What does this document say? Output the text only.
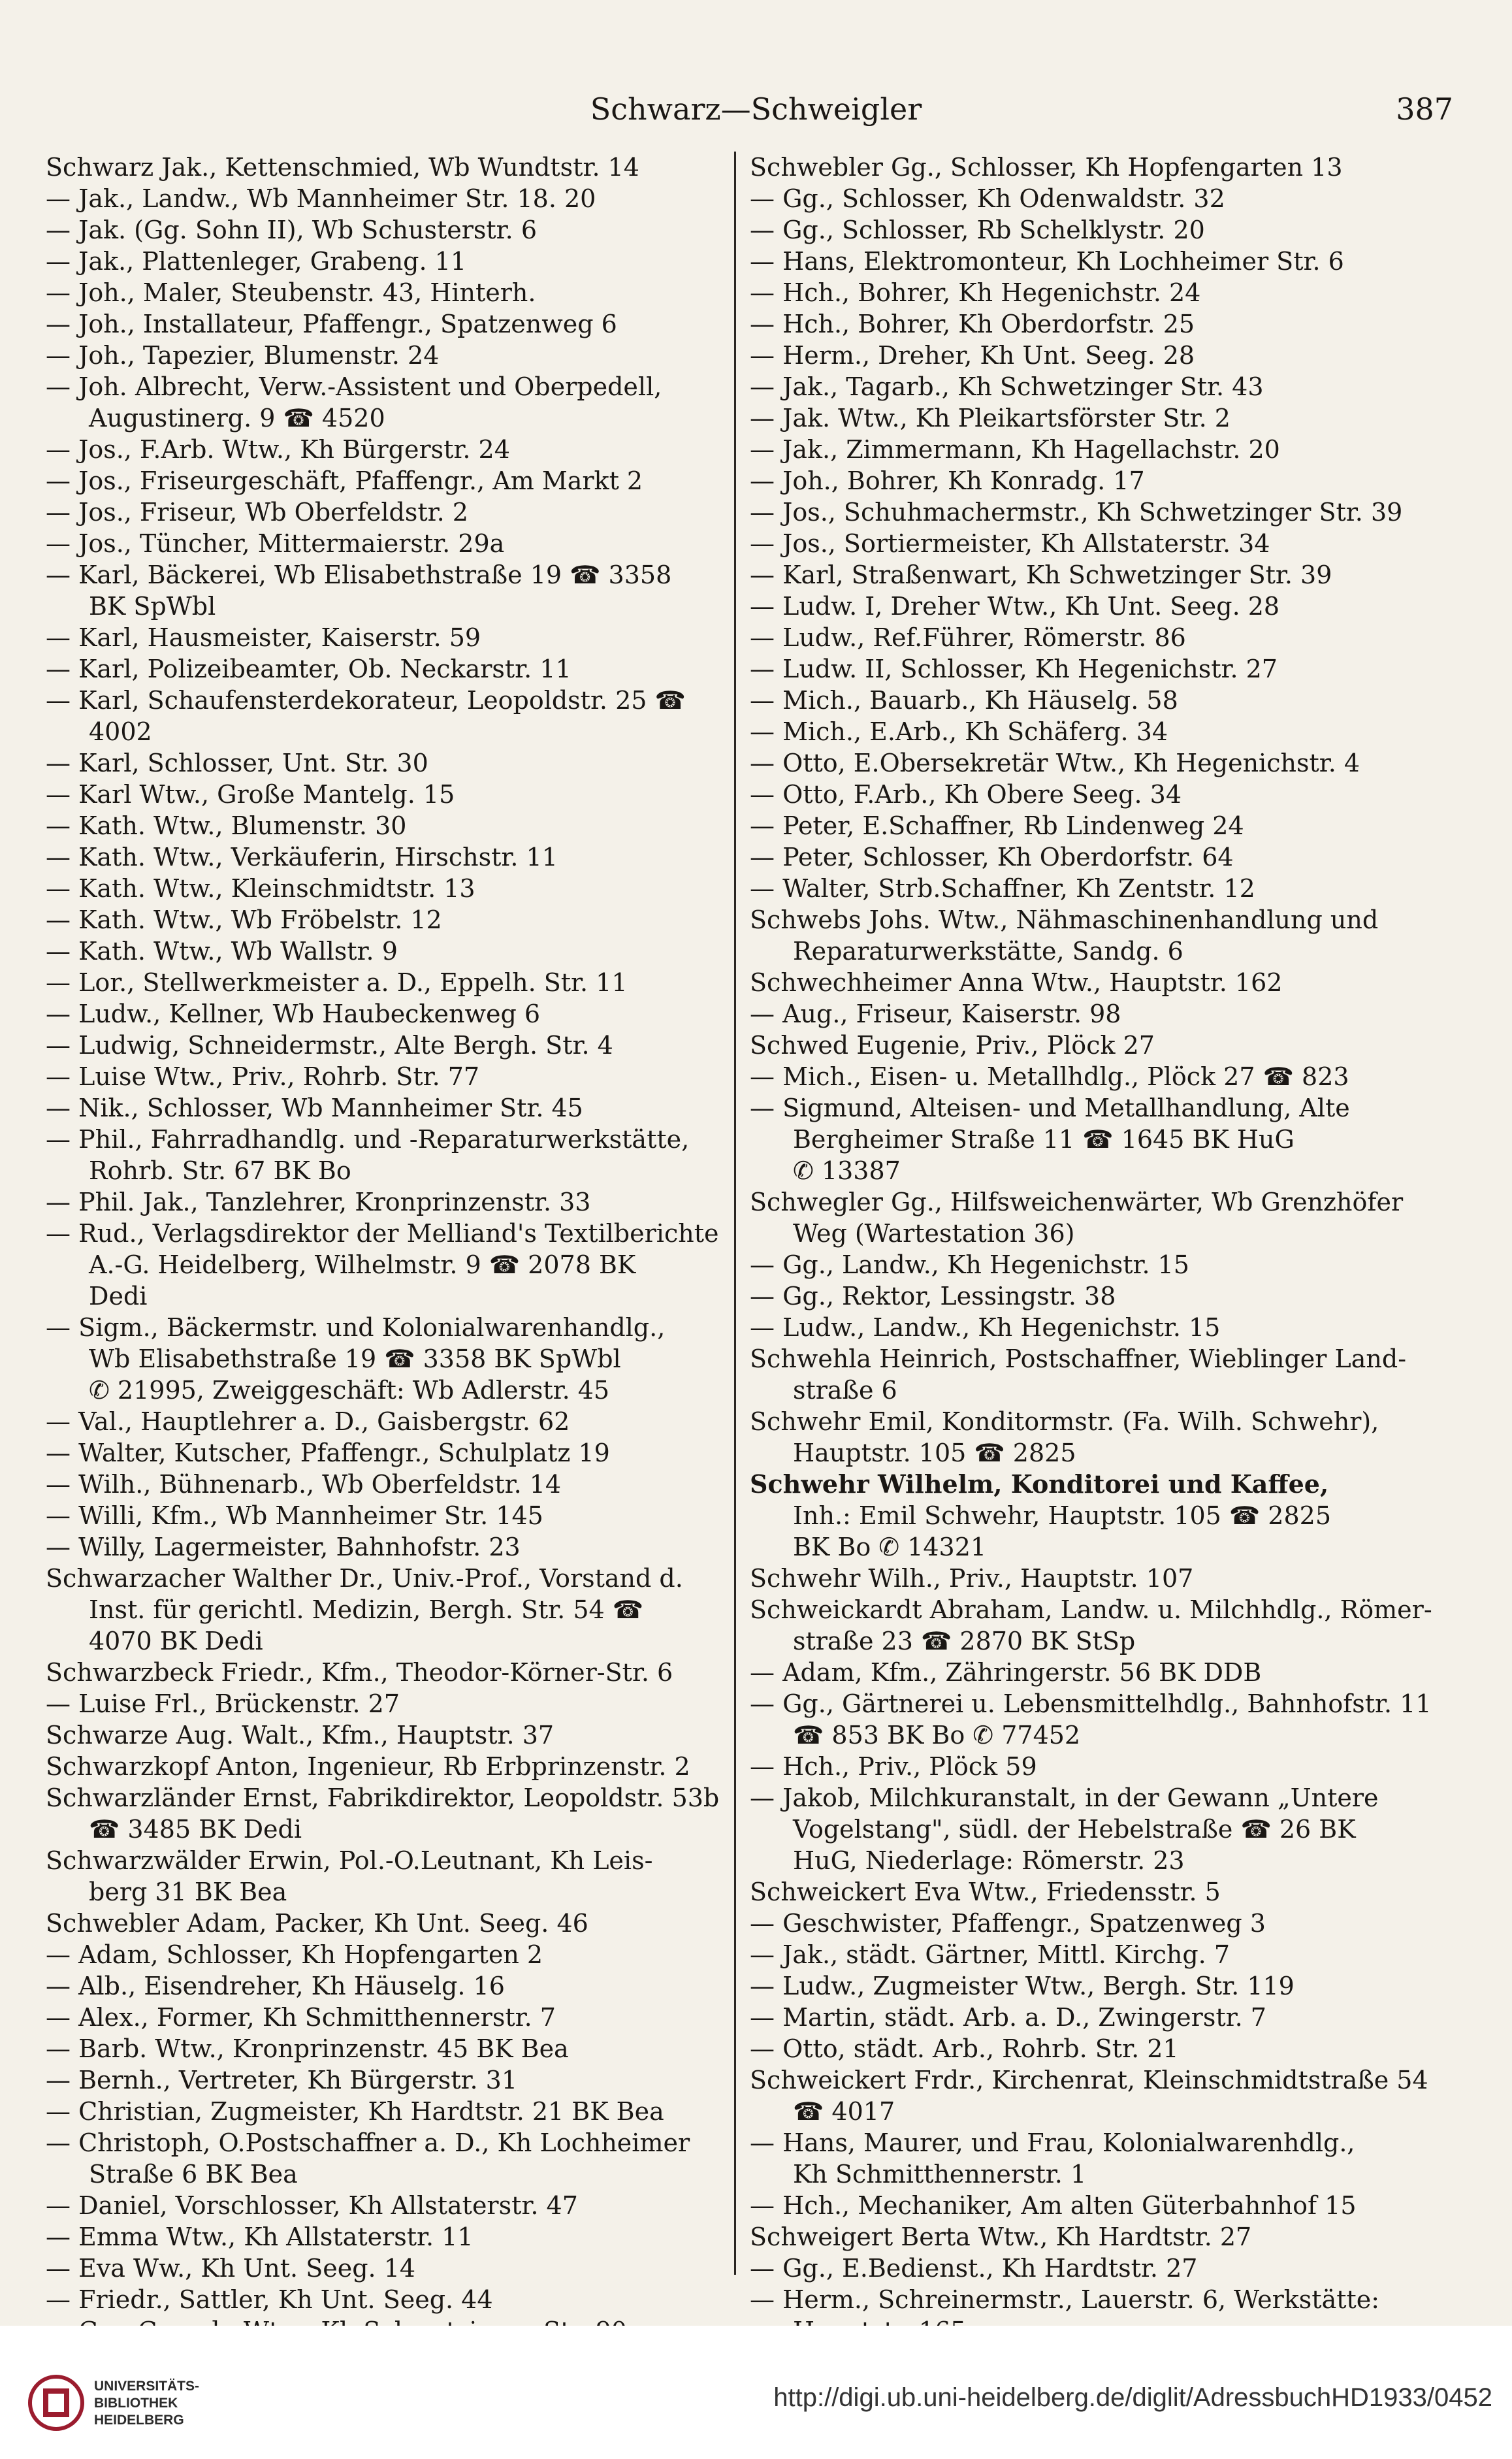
Schwarz—Schweigler	387
Schwarz Jak., Kettenschmied, Wb Wundtstr. 14
— Jak., Landw., Wb Mannheimer Str. 18. 20
— Jak. (Gg. Sohn II), Wb Schusterstr. 6
— Jak., Plattenleger, Grabeng. 11
— Joh., Maler, Steubenstr. 43, Hinterh.
— Joh., Installateur, Pfaffengr., Spatzenweg 6
— Joh., Tapezier, Blumenstr. 24
— Joh. Albrecht, Verw.-Assistent und Oberpedell,
Augustinerg. 9 ☎ 4520
— Jos., F.Arb. Wtw., Kh Bürgerstr. 24
— Jos., Friseurgeschäft, Pfaffengr., Am Markt 2
— Jos., Friseur, Wb Oberfeldstr. 2
— Jos., Tüncher, Mittermaierstr. 29a
— Karl, Bäckerei, Wb Elisabethstraße 19 ☎ 3358
BK SpWbl
— Karl, Hausmeister, Kaiserstr. 59
— Karl, Polizeibeamter, Ob. Neckarstr. 11
— Karl, Schaufensterdekorateur, Leopoldstr. 25 ☎
4002
— Karl, Schlosser, Unt. Str. 30
— Karl Wtw., Große Mantelg. 15
— Kath. Wtw., Blumenstr. 30
— Kath. Wtw., Verkäuferin, Hirschstr. 11
— Kath. Wtw., Kleinschmidtstr. 13
— Kath. Wtw., Wb Fröbelstr. 12
— Kath. Wtw., Wb Wallstr. 9
— Lor., Stellwerkmeister a. D., Eppelh. Str. 11
— Ludw., Kellner, Wb Haubeckenweg 6
— Ludwig, Schneidermstr., Alte Bergh. Str. 4
— Luise Wtw., Priv., Rohrb. Str. 77
— Nik., Schlosser, Wb Mannheimer Str. 45
— Phil., Fahrradhandlg. und -Reparaturwerkstätte,
Rohrb. Str. 67 BK Bo
— Phil. Jak., Tanzlehrer, Kronprinzenstr. 33
— Rud., Verlagsdirektor der Melliand's Textilberichte
A.-G. Heidelberg, Wilhelmstr. 9 ☎ 2078 BK
Dedi
— Sigm., Bäckermstr. und Kolonialwarenhandlg.,
Wb Elisabethstraße 19 ☎ 3358 BK SpWbl
✆ 21995, Zweiggeschäft: Wb Adlerstr. 45
— Val., Hauptlehrer a. D., Gaisbergstr. 62
— Walter, Kutscher, Pfaffengr., Schulplatz 19
— Wilh., Bühnenarb., Wb Oberfeldstr. 14
— Willi, Kfm., Wb Mannheimer Str. 145
— Willy, Lagermeister, Bahnhofstr. 23
Schwarzacher Walther Dr., Univ.-Prof., Vorstand d.
Inst. für gerichtl. Medizin, Bergh. Str. 54 ☎
4070 BK Dedi
Schwarzbeck Friedr., Kfm., Theodor-Körner-Str. 6
— Luise Frl., Brückenstr. 27
Schwarze Aug. Walt., Kfm., Hauptstr. 37
Schwarzkopf Anton, Ingenieur, Rb Erbprinzenstr. 2
Schwarzländer Ernst, Fabrikdirektor, Leopoldstr. 53b
☎ 3485 BK Dedi
Schwarzwälder Erwin, Pol.-O.Leutnant, Kh Leis-
berg 31 BK Bea
Schwebler Adam, Packer, Kh Unt. Seeg. 46
— Adam, Schlosser, Kh Hopfengarten 2
— Alb., Eisendreher, Kh Häuselg. 16
— Alex., Former, Kh Schmitthennerstr. 7
— Barb. Wtw., Kronprinzenstr. 45 BK Bea
— Bernh., Vertreter, Kh Bürgerstr. 31
— Christian, Zugmeister, Kh Hardtstr. 21 BK Bea
— Christoph, O.Postschaffner a. D., Kh Lochheimer
Straße 6 BK Bea
— Daniel, Vorschlosser, Kh Allstaterstr. 47
— Emma Wtw., Kh Allstaterstr. 11
— Eva Ww., Kh Unt. Seeg. 14
— Friedr., Sattler, Kh Unt. Seeg. 44
Schwebler Gg., Schlosser, Kh Hopfengarten 13
— Gg., Schlosser, Kh Odenwaldstr. 32
— Gg., Schlosser, Rb Schelklystr. 20
— Hans, Elektromonteur, Kh Lochheimer Str. 6
— Hch., Bohrer, Kh Hegenichstr. 24
— Hch., Bohrer, Kh Oberdorfstr. 25
— Herm., Dreher, Kh Unt. Seeg. 28
— Jak., Tagarb., Kh Schwetzinger Str. 43
— Jak. Wtw., Kh Pleikartsförster Str. 2
— Jak., Zimmermann, Kh Hagellachstr. 20
— Joh., Bohrer, Kh Konradg. 17
— Jos., Schuhmachermstr., Kh Schwetzinger Str. 39
— Jos., Sortiermeister, Kh Allstaterstr. 34
— Karl, Straßenwart, Kh Schwetzinger Str. 39
— Ludw. I, Dreher Wtw., Kh Unt. Seeg. 28
— Ludw., Ref.Führer, Römerstr. 86
— Ludw. II, Schlosser, Kh Hegenichstr. 27
— Mich., Bauarb., Kh Häuselg. 58
— Mich., E.Arb., Kh Schäferg. 34
— Otto, E.Obersekretär Wtw., Kh Hegenichstr. 4
— Otto, F.Arb., Kh Obere Seeg. 34
— Peter, E.Schaffner, Rb Lindenweg 24
— Peter, Schlosser, Kh Oberdorfstr. 64
— Walter, Strb.Schaffner, Kh Zentstr. 12
Schwebs Johs. Wtw., Nähmaschinenhandlung und
Reparaturwerkstätte, Sandg. 6
Schwechheimer Anna Wtw., Hauptstr. 162
— Aug., Friseur, Kaiserstr. 98
Schwed Eugenie, Priv., Plöck 27
— Mich., Eisen- u. Metallhdlg., Plöck 27 ☎ 823
— Sigmund, Alteisen- und Metallhandlung, Alte
Bergheimer Straße 11 ☎ 1645 BK HuG
✆ 13387
Schwegler Gg., Hilfsweichenwärter, Wb Grenzhöfer
Weg (Wartestation 36)
— Gg., Landw., Kh Hegenichstr. 15
— Gg., Rektor, Lessingstr. 38
— Ludw., Landw., Kh Hegenichstr. 15
Schwehla Heinrich, Postschaffner, Wieblinger Land-
straße 6
Schwehr Emil, Konditormstr. (Fa. Wilh. Schwehr),
Hauptstr. 105 ☎ 2825
Schwehr Wilhelm, Konditorei und Kaffee,
Inh.: Emil Schwehr, Hauptstr. 105 ☎ 2825
BK Bo ✆ 14321
Schwehr Wilh., Priv., Hauptstr. 107
Schweickardt Abraham, Landw. u. Milchhdlg., Römer-
straße 23 ☎ 2870 BK StSp
— Adam, Kfm., Zähringerstr. 56 BK DDB
— Gg., Gärtnerei u. Lebensmittelhdlg., Bahnhofstr. 11
☎ 853 BK Bo ✆ 77452
— Hch., Priv., Plöck 59
— Jakob, Milchkuranstalt, in der Gewann „Untere
Vogelstang", südl. der Hebelstraße ☎ 26 BK
HuG, Niederlage: Römerstr. 23
Schweickert Eva Wtw., Friedensstr. 5
— Geschwister, Pfaffengr., Spatzenweg 3
— Jak., städt. Gärtner, Mittl. Kirchg. 7
— Ludw., Zugmeister Wtw., Bergh. Str. 119
— Martin, städt. Arb. a. D., Zwingerstr. 7
— Otto, städt. Arb., Rohrb. Str. 21
Schweickert Frdr., Kirchenrat, Kleinschmidtstraße 54
☎ 4017
— Hans, Maurer, und Frau, Kolonialwarenhdlg.,
Kh Schmitthennerstr. 1
— Hch., Mechaniker, Am alten Güterbahnhof 15
Schweigert Berta Wtw., Kh Hardtstr. 27
— Gg., E.Bedienst., Kh Hardtstr. 27
— Herm., Schreinermstr., Lauerstr. 6, Werkstätte:
UNIVERSITÄTS-
BIBLIOTHEK
HEIDELBERG
http://digi.ub.uni-heidelberg.de/diglit/AdressbuchHD1933/0452
